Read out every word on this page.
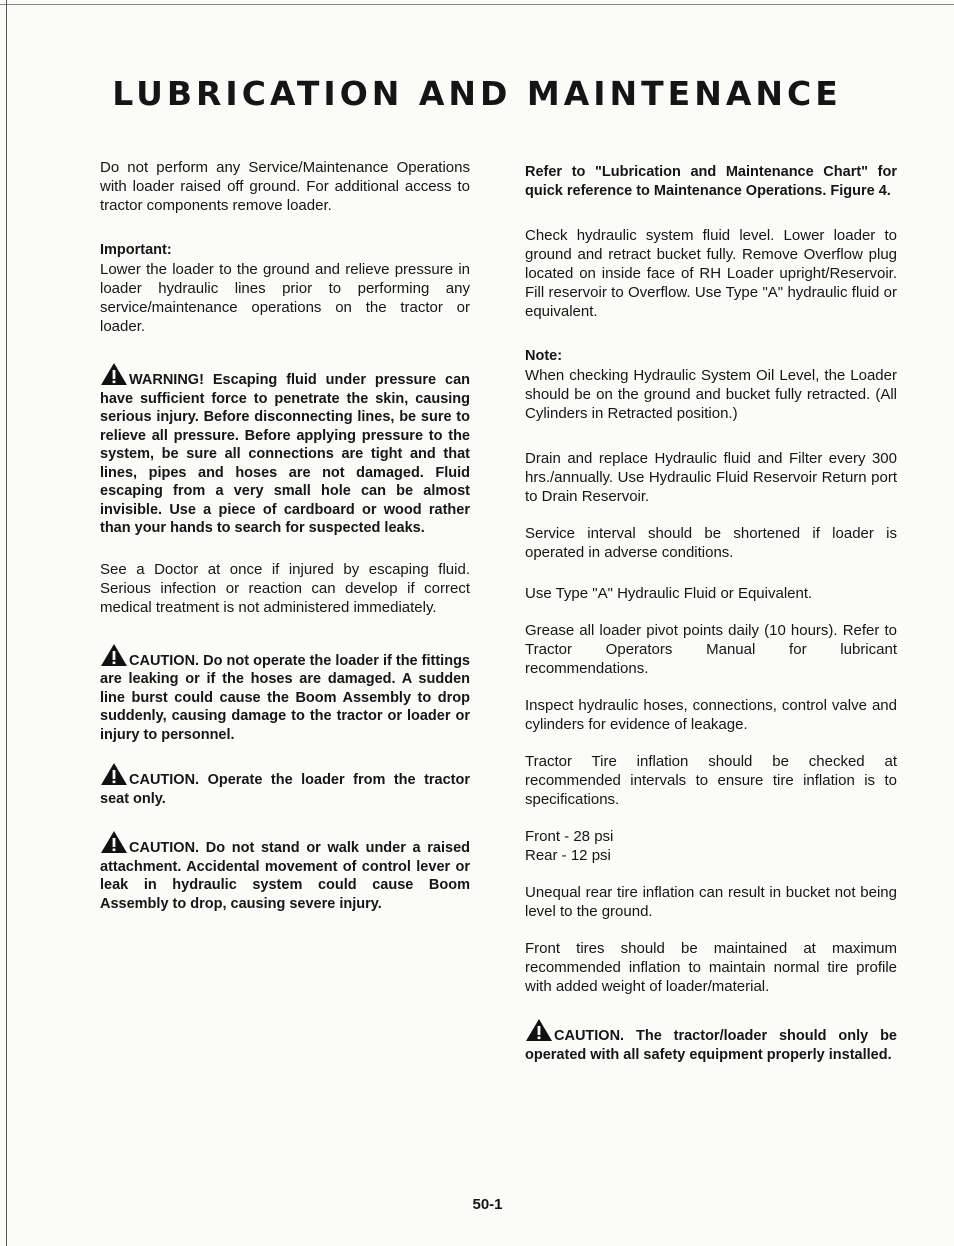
LUBRICATION AND MAINTENANCE

Do not perform any Service/Maintenance Operations with loader raised off ground. For additional access to tractor components remove loader.

Important:

Lower the loader to the ground and relieve pressure in loader hydraulic lines prior to performing any service/maintenance operations on the tractor or loader.

WARNING! Escaping fluid under pressure can have sufficient force to penetrate the skin, causing serious injury. Before disconnecting lines, be sure to relieve all pressure. Before applying pressure to the system, be sure all connections are tight and that lines, pipes and hoses are not damaged. Fluid escaping from a very small hole can be almost invisible. Use a piece of cardboard or wood rather than your hands to search for suspected leaks.

See a Doctor at once if injured by escaping fluid. Serious infection or reaction can develop if correct medical treatment is not administered immediately.

CAUTION. Do not operate the loader if the fittings are leaking or if the hoses are damaged. A sudden line burst could cause the Boom Assembly to drop suddenly, causing damage to the tractor or loader or injury to personnel.

CAUTION. Operate the loader from the tractor seat only.

CAUTION. Do not stand or walk under a raised attachment. Accidental movement of control lever or leak in hydraulic system could cause Boom Assembly to drop, causing severe injury.

Refer to "Lubrication and Maintenance Chart" for quick reference to Maintenance Operations. Figure 4.

Check hydraulic system fluid level. Lower loader to ground and retract bucket fully. Remove Overflow plug located on inside face of RH Loader upright/Reservoir. Fill reservoir to Overflow. Use Type "A" hydraulic fluid or equivalent.

Note:

When checking Hydraulic System Oil Level, the Loader should be on the ground and bucket fully retracted. (All Cylinders in Retracted position.)

Drain and replace Hydraulic fluid and Filter every 300 hrs./annually. Use Hydraulic Fluid Reservoir Return port to Drain Reservoir.

Service interval should be shortened if loader is operated in adverse conditions.

Use Type "A" Hydraulic Fluid or Equivalent.

Grease all loader pivot points daily (10 hours). Refer to Tractor Operators Manual for lubricant recommendations.

Inspect hydraulic hoses, connections, control valve and cylinders for evidence of leakage.

Tractor Tire inflation should be checked at recommended intervals to ensure tire inflation is to specifications.

Front - 28 psi

Rear - 12 psi

Unequal rear tire inflation can result in bucket not being level to the ground.

Front tires should be maintained at maximum recommended inflation to maintain normal tire profile with added weight of loader/material.

CAUTION. The tractor/loader should only be operated with all safety equipment properly installed.

50-1
